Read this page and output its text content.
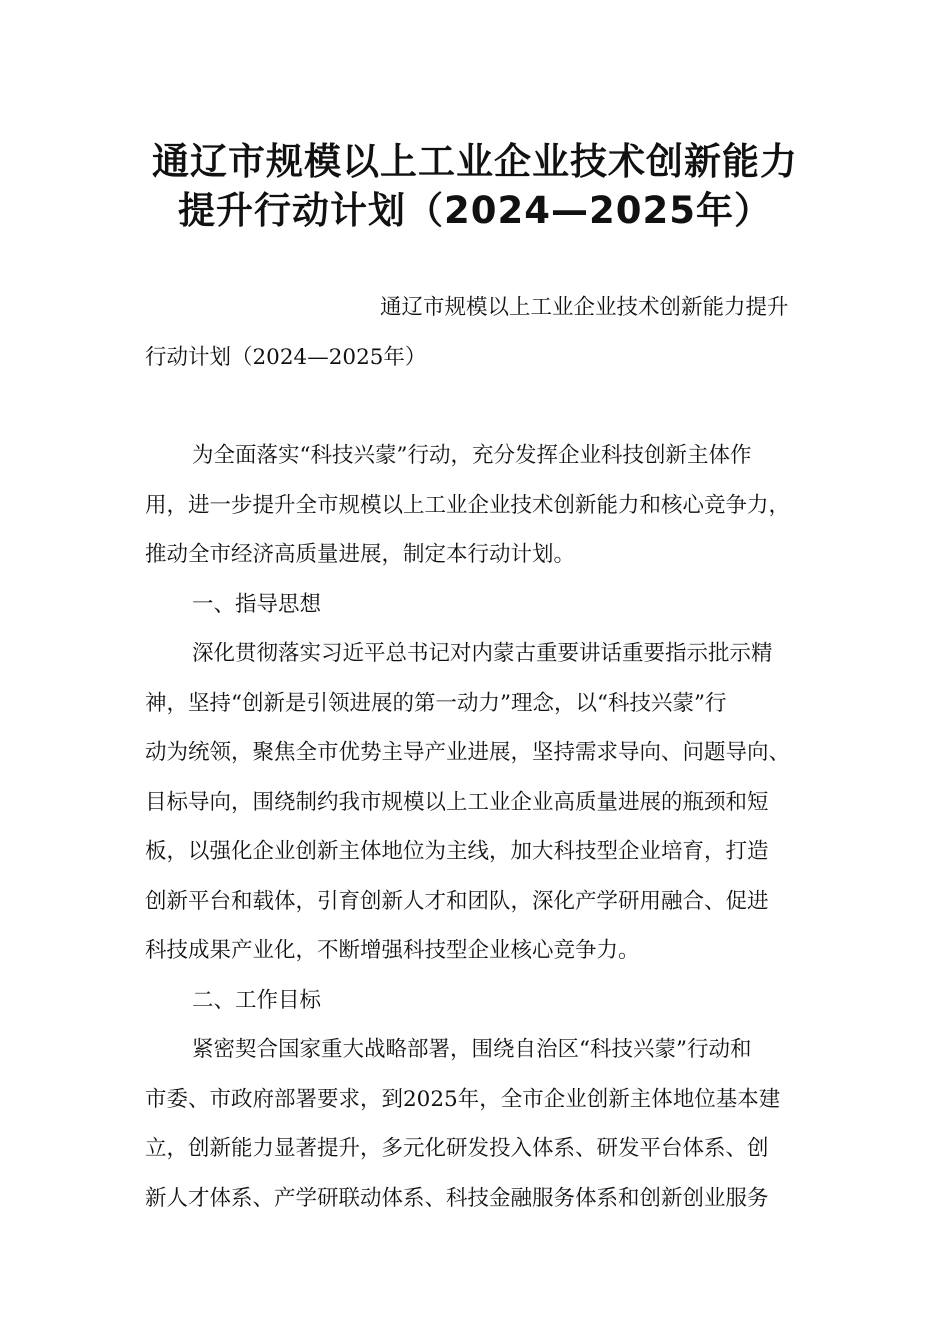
通辽市规模以上工业企业技术创新能力
提升行动计划（2024—2025年）

通辽市规模以上工业企业技术创新能力提升

行动计划（2024—2025年）

为全面落实“科技兴蒙”行动，充分发挥企业科技创新主体作

用，进一步提升全市规模以上工业企业技术创新能力和核心竞争力，

推动全市经济高质量进展，制定本行动计划。

一、指导思想

深化贯彻落实习近平总书记对内蒙古重要讲话重要指示批示精

神，坚持“创新是引领进展的第一动力”理念，以“科技兴蒙”行

动为统领，聚焦全市优势主导产业进展，坚持需求导向、问题导向、

目标导向，围绕制约我市规模以上工业企业高质量进展的瓶颈和短

板，以强化企业创新主体地位为主线，加大科技型企业培育，打造

创新平台和载体，引育创新人才和团队，深化产学研用融合、促进

科技成果产业化，不断增强科技型企业核心竞争力。

二、工作目标

紧密契合国家重大战略部署，围绕自治区“科技兴蒙”行动和

市委、市政府部署要求，到2025年，全市企业创新主体地位基本建

立，创新能力显著提升，多元化研发投入体系、研发平台体系、创

新人才体系、产学研联动体系、科技金融服务体系和创新创业服务
